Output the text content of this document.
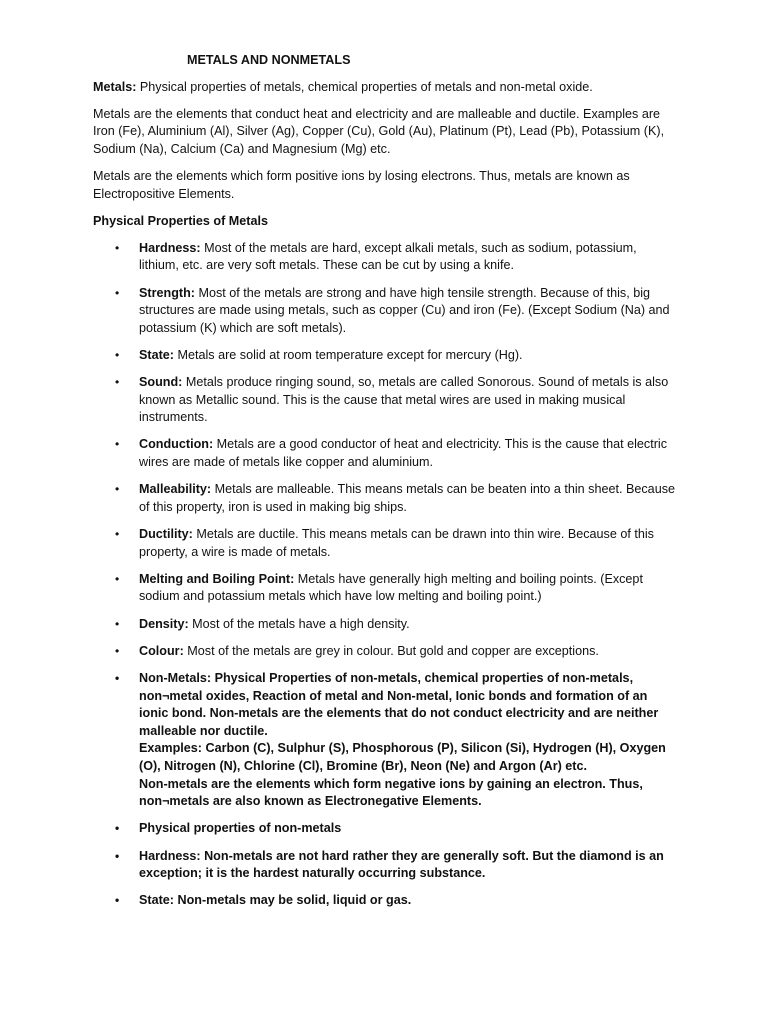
METALS AND NONMETALS

Metals: Physical properties of metals, chemical properties of metals and non-metal oxide.

Metals are the elements that conduct heat and electricity and are malleable and ductile. Examples are Iron (Fe), Aluminium (Al), Silver (Ag), Copper (Cu), Gold (Au), Platinum (Pt), Lead (Pb), Potassium (K), Sodium (Na), Calcium (Ca) and Magnesium (Mg) etc.

Metals are the elements which form positive ions by losing electrons. Thus, metals are known as Electropositive Elements.

Physical Properties of Metals
• Hardness: Most of the metals are hard, except alkali metals, such as sodium, potassium, lithium, etc. are very soft metals. These can be cut by using a knife.
• Strength: Most of the metals are strong and have high tensile strength. Because of this, big structures are made using metals, such as copper (Cu) and iron (Fe). (Except Sodium (Na) and potassium (K) which are soft metals).
• State: Metals are solid at room temperature except for mercury (Hg).
• Sound: Metals produce ringing sound, so, metals are called Sonorous. Sound of metals is also known as Metallic sound. This is the cause that metal wires are used in making musical instruments.
• Conduction: Metals are a good conductor of heat and electricity. This is the cause that electric wires are made of metals like copper and aluminium.
• Malleability: Metals are malleable. This means metals can be beaten into a thin sheet. Because of this property, iron is used in making big ships.
• Ductility: Metals are ductile. This means metals can be drawn into thin wire. Because of this property, a wire is made of metals.
• Melting and Boiling Point: Metals have generally high melting and boiling points. (Except sodium and potassium metals which have low melting and boiling point.)
• Density: Most of the metals have a high density.
• Colour: Most of the metals are grey in colour. But gold and copper are exceptions.
• Non-Metals: Physical Properties of non-metals, chemical properties of non-metals, non¬metal oxides, Reaction of metal and Non-metal, Ionic bonds and formation of an ionic bond. Non-metals are the elements that do not conduct electricity and are neither malleable nor ductile.
Examples: Carbon (C), Sulphur (S), Phosphorous (P), Silicon (Si), Hydrogen (H), Oxygen (O), Nitrogen (N), Chlorine (Cl), Bromine (Br), Neon (Ne) and Argon (Ar) etc.
Non-metals are the elements which form negative ions by gaining an electron. Thus, non¬metals are also known as Electronegative Elements.
• Physical properties of non-metals
• Hardness: Non-metals are not hard rather they are generally soft. But the diamond is an exception; it is the hardest naturally occurring substance.
• State: Non-metals may be solid, liquid or gas.
